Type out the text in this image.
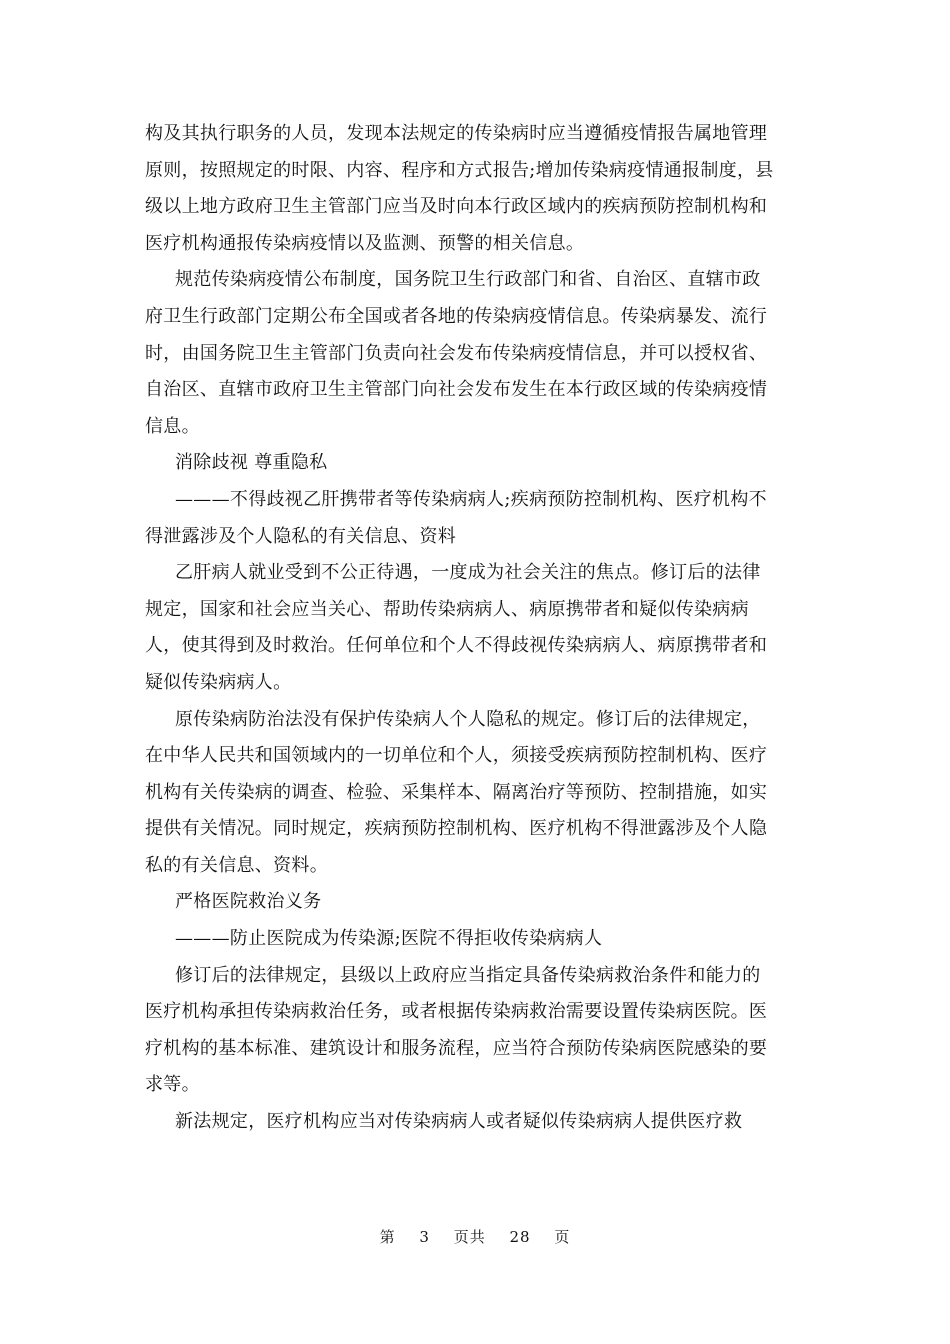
构及其执行职务的人员，发现本法规定的传染病时应当遵循疫情报告属地管理
原则，按照规定的时限、内容、程序和方式报告;增加传染病疫情通报制度，县
级以上地方政府卫生主管部门应当及时向本行政区域内的疾病预防控制机构和
医疗机构通报传染病疫情以及监测、预警的相关信息。
规范传染病疫情公布制度，国务院卫生行政部门和省、自治区、直辖市政
府卫生行政部门定期公布全国或者各地的传染病疫情信息。传染病暴发、流行
时，由国务院卫生主管部门负责向社会发布传染病疫情信息，并可以授权省、
自治区、直辖市政府卫生主管部门向社会发布发生在本行政区域的传染病疫情
信息。
消除歧视 尊重隐私
———不得歧视乙肝携带者等传染病病人;疾病预防控制机构、医疗机构不
得泄露涉及个人隐私的有关信息、资料
乙肝病人就业受到不公正待遇，一度成为社会关注的焦点。修订后的法律
规定，国家和社会应当关心、帮助传染病病人、病原携带者和疑似传染病病
人，使其得到及时救治。任何单位和个人不得歧视传染病病人、病原携带者和
疑似传染病病人。
原传染病防治法没有保护传染病人个人隐私的规定。修订后的法律规定，
在中华人民共和国领域内的一切单位和个人，须接受疾病预防控制机构、医疗
机构有关传染病的调查、检验、采集样本、隔离治疗等预防、控制措施，如实
提供有关情况。同时规定，疾病预防控制机构、医疗机构不得泄露涉及个人隐
私的有关信息、资料。
严格医院救治义务
———防止医院成为传染源;医院不得拒收传染病病人
修订后的法律规定，县级以上政府应当指定具备传染病救治条件和能力的
医疗机构承担传染病救治任务，或者根据传染病救治需要设置传染病医院。医
疗机构的基本标准、建筑设计和服务流程，应当符合预防传染病医院感染的要
求等。
新法规定，医疗机构应当对传染病病人或者疑似传染病病人提供医疗救
第 3 页共 28 页
